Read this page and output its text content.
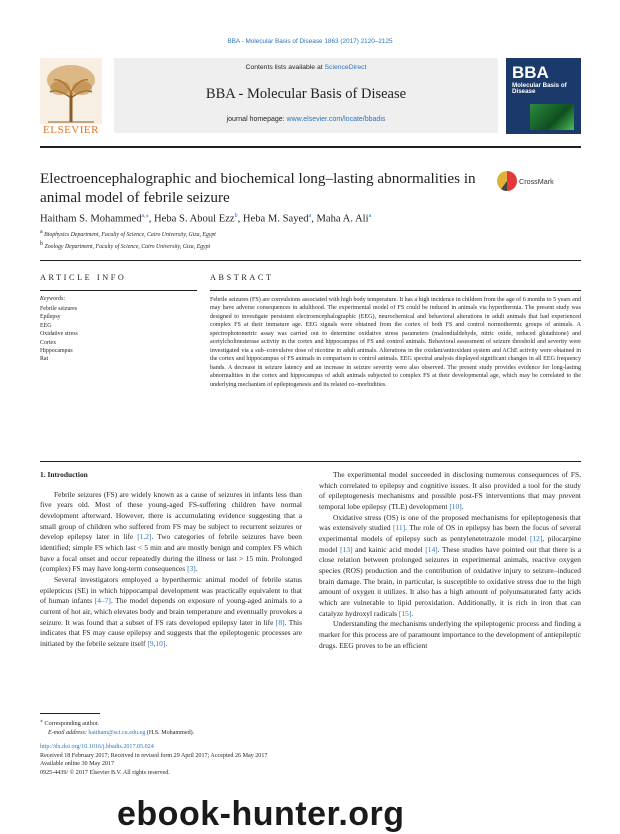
BBA - Molecular Basis of Disease 1863 (2017) 2120–2125
ELSEVIER
Contents lists available at ScienceDirect
BBA - Molecular Basis of Disease
journal homepage: www.elsevier.com/locate/bbadis
BBA
Molecular Basis of Disease
Electroencephalographic and biochemical long–lasting abnormalities in animal model of febrile seizure
CrossMark
Haitham S. Mohammed$^{a,⁎}$, Heba S. Aboul Ezz$^b$, Heba M. Sayed$^a$, Maha A. Ali$^a$
$^a$ Biophysics Department, Faculty of Science, Cairo University, Giza, Egypt
$^b$ Zoology Department, Faculty of Science, Cairo University, Giza, Egypt
ARTICLE INFO	ABSTRACT
Keywords:
Febrile seizures
Epilepsy
EEG
Oxidative stress
Cortex
Hippocampus
Rat
Febrile seizures (FS) are convulsions associated with high body temperature. It has a high incidence in children from the age of 6 months to 5 years and may have adverse consequences in adulthood. The experimental model of FS could be induced in animals via hyperthermia. The present study was designed to investigate persistent electroencephalographic (EEG), neurochemical and behavioral alterations in adult animals that had experienced complex FS at their immature age. EEG signals were obtained from the cortex of both FS and control normothermic groups of animals. A spectrophotometric assay was carried out to determine oxidative stress parameters (malondialdehyde, nitric oxide, reduced glutathione) and acetylcholinesterase activity in the cortex and hippocampus of FS and control animals. Behavioral assessment of seizure threshold and severity were investigated via a sub–convulsive dose of nicotine in adult animals. Alterations in the oxidant/antioxidant system and AChE activity were obtained in the cortex and hippocampus of FS animals in comparison to control animals. EEG spectral analysis displayed significant changes in all EEG frequency bands. A decrease in seizure latency and an increase in seizure severity were also observed. The present study provides evidence for long-lasting abnormalities in the cortex and hippocampus of adult animals subjected to complex FS at their developmental age, which may be correlated to the underlying mechanism of epileptogenesis and its related co–morbidities.
1. Introduction

Febrile seizures (FS) are widely known as a cause of seizures in infants less than five years old. Most of these young-aged FS-suffering children have normal development afterward. However, there is accumulating evidence suggesting that a small group of children who suffered from FS may be subject to recurrent seizures or develop epilepsy later in life [1,2]. Two categories of febrile seizures have been identified; simple FS which last < 5 min and are mostly benign and complex FS which have a focal onset and occur repeatedly during the illness or last > 15 min. Prolonged (complex) FS may have long-term consequences [3].

Several investigators employed a hyperthermic animal model of febrile status epilepticus (SE) in which hippocampal development was practically equivalent to that of human infants [4–7]. The model depends on exposure of young-aged animals to a current of hot air, which elevates body and brain temperature and eventually provokes a seizure. It was found that a subset of FS rats developed epilepsy later in life [8]. This indicates that FS may cause epilepsy and suggests that the epileptogenic processes are initiated by the febrile seizure itself [9,10].

The experimental model succeeded in disclosing numerous consequences of FS, which correlated to epilepsy and cognitive issues. It also provided a tool for the study of epileptogenesis mechanisms and possible post-FS interventions that may prevent temporal lobe epilepsy (TLE) development [10].

Oxidative stress (OS) is one of the proposed mechanisms for epileptogenesis that was extensively studied [11]. The role of OS in epilepsy has been the focus of several experimental models of epilepsy such as pentylenetetrazole model [12], pilocarpine model [13] and kainic acid model [14]. These studies have pointed out that there is a close relation between prolonged seizures in experimental animals, reactive oxygen species (ROS) production and the contribution of oxidative injury to seizure–induced brain damage. The brain, in particular, is susceptible to oxidative stress due to the high amount of oxygen it utilizes. It also has a high amount of polyunsaturated fatty acids which are vulnerable to lipid peroxidation. Additionally, it is rich in iron that can catalyze hydroxyl radicals [15].

Understanding the mechanisms underlying the epileptogenic process and finding a marker for this process are of paramount importance to the development of antiepileptic drugs. EEG proves to be an efficient

⁎ Corresponding author.
E-mail address: haitham@sci.cu.edu.eg (H.S. Mohammed).
http://dx.doi.org/10.1016/j.bbadis.2017.05.024
Received 18 February 2017; Received in revised form 29 April 2017; Accepted 26 May 2017
Available online 30 May 2017
0925-4439/ © 2017 Elsevier B.V. All rights reserved.
ebook-hunter.org
